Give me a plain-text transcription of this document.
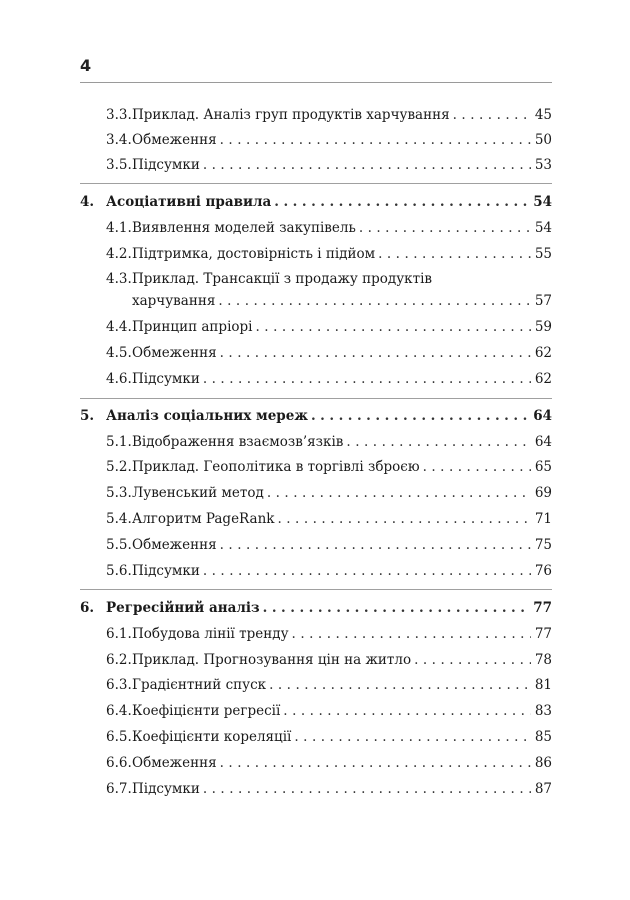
4
3.3. Приклад. Аналіз груп продуктів харчування .....	45
3.4. Обмеження .....	50
3.5. Підсумки .....	53
4. Асоціативні правила .....	54
4.1. Виявлення моделей закупівель .....	54
4.2. Підтримка, достовірність і підйом .....	55
4.3.Приклад. Трансакції з продажу продуктів
харчування .....	57
4.4. Принцип апріорі .....	59
4.5. Обмеження .....	62
4.6. Підсумки .....	62
5. Аналіз соціальних мереж .....	64
5.1. Відображення взаємозв’язків .....	64
5.2. Приклад. Геополітика в торгівлі зброєю .....	65
5.3. Лувенський метод .....	69
5.4. Алгоритм PageRank .....	71
5.5. Обмеження .....	75
5.6. Підсумки .....	76
6. Регресійний аналіз .....	77
6.1. Побудова лінії тренду .....	77
6.2. Приклад. Прогнозування цін на житло .....	78
6.3. Градієнтний спуск .....	81
6.4. Коефіцієнти регресії .....	83
6.5. Коефіцієнти кореляції .....	85
6.6. Обмеження .....	86
6.7. Підсумки .....	87
